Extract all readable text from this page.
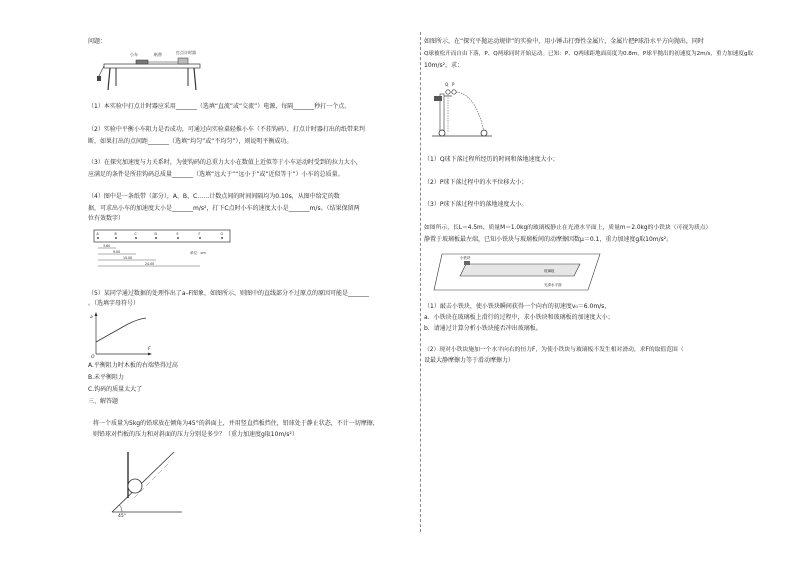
问题：
小车	纸带	打点计时器
（1）本实验中打点计时器应采用_______（选填“直流”或“交流”）电源，每隔_______秒打一个点。
（2）实验中平衡小车阻力是否成功，可通过向实验桌轻推小车（不挂钩码），打点计时器打出的纸带来判
断，如果打出的点间距_______（选填“均匀”或“不均匀”），则说明平衡成功。
（3）在探究加速度与力关系时，为使钩码的总重力大小在数值上近似等于小车运动时受到的拉力大小，
应满足的条件是所挂钩码总质量_______（选填“远大于”“远小于”或“近似等于”）小车的总质量。
（4）图中是一条纸带（部分），A、B、C……计数点间的时间间隔均为0.10s，从图中给定的数
据，可求出小车的加速度大小是_______m/s²，打下C点时小车的速度大小是_______m/s。（结果保留两
位有效数字）
A	B	C	D	E	F	G
单位：cm
3.60
9.00
15.00
24.00
（5）某同学通过数据的处理作出了a–F图象，如图所示，则图中的直线部分不过原点的原因可能是_______
。（选填字母符号）
a
F
O
A.平衡阻力时木板的右端垫得过高
B.未平衡阻力
C.钩码的质量太大了
三、解答题
将一个质量为5kg的铅球放在倾角为45°的斜面上，并用竖直挡板挡住，铅球处于静止状态，不计一切摩擦，
则铅球对挡板的压力和对斜面的压力分别是多少？（重力加速度g取10m/s²）
45°
如图所示，在“探究平抛运动规律”的实验中，用小锤击打弹性金属片，金属片把P球沿水平方向抛出，同时
Q球被松开而自由下落，P、Q两球同时开始运动。已知：P、Q两球距地面高度为0.8m，P球平抛出的初速度为2m/s，重力加速度g取
10m/s²，求：
Q P
（1）Q球下落过程所经历的时间和落地速度大小；
（2）P球下落过程中的水平位移大小；
（3）P球下落过程中的落地速度大小。
如图所示，长L＝4.5m、质量M＝1.0kg的玻璃板静止在光滑水平面上，质量m＝2.0kg的小铁块（可视为质点）
静置于玻璃板最左端，已知小铁块与玻璃板间的动摩擦因数μ＝0.1，重力加速度g取10m/s²。
玻璃板
光滑水平面
小铁块
（1）敲击小铁块，使小铁块瞬间获得一个向右的初速度v₀＝6.0m/s，
a．小铁块在玻璃板上滑行的过程中，求小铁块和玻璃板的加速度大小；
b．请通过计算分析小铁块能否冲出玻璃板。
（2）现对小铁块施加一个水平向右的恒力F，为使小铁块与玻璃板不发生相对滑动，求F的取值范围（
设最大静摩擦力等于滑动摩擦力）
